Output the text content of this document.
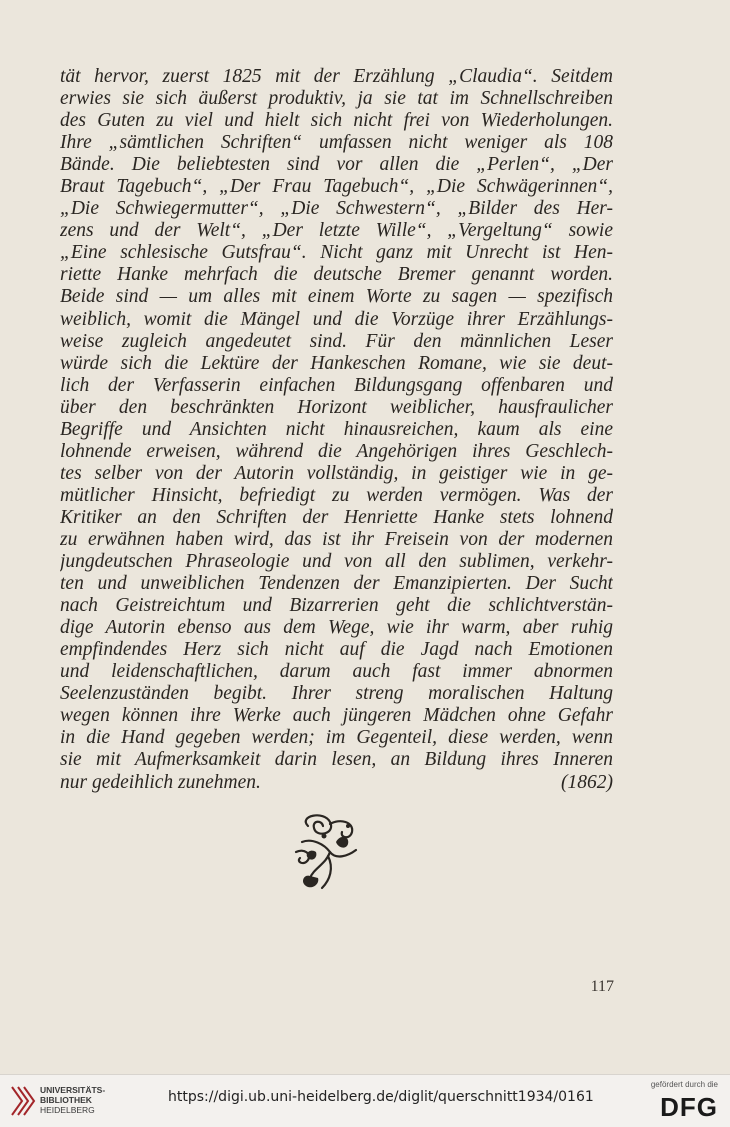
tät hervor, zuerst 1825 mit der Erzählung „Claudia“. Seitdem
erwies sie sich äußerst produktiv, ja sie tat im Schnellschreiben
des Guten zu viel und hielt sich nicht frei von Wiederholungen.
Ihre „sämtlichen Schriften“ umfassen nicht weniger als 108
Bände. Die beliebtesten sind vor allen die „Perlen“, „Der
Braut Tagebuch“, „Der Frau Tagebuch“, „Die Schwägerinnen“,
„Die Schwiegermutter“, „Die Schwestern“, „Bilder des Her-
zens und der Welt“, „Der letzte Wille“, „Vergeltung“ sowie
„Eine schlesische Gutsfrau“. Nicht ganz mit Unrecht ist Hen-
riette Hanke mehrfach die deutsche Bremer genannt worden.
Beide sind — um alles mit einem Worte zu sagen — spezifisch
weiblich, womit die Mängel und die Vorzüge ihrer Erzählungs-
weise zugleich angedeutet sind. Für den männlichen Leser
würde sich die Lektüre der Hankeschen Romane, wie sie deut-
lich der Verfasserin einfachen Bildungsgang offenbaren und
über den beschränkten Horizont weiblicher, hausfraulicher
Begriffe und Ansichten nicht hinausreichen, kaum als eine
lohnende erweisen, während die Angehörigen ihres Geschlech-
tes selber von der Autorin vollständig, in geistiger wie in ge-
mütlicher Hinsicht, befriedigt zu werden vermögen. Was der
Kritiker an den Schriften der Henriette Hanke stets lohnend
zu erwähnen haben wird, das ist ihr Freisein von der modernen
jungdeutschen Phraseologie und von all den sublimen, verkehr-
ten und unweiblichen Tendenzen der Emanzipierten. Der Sucht
nach Geistreichtum und Bizarrerien geht die schlichtverstän-
dige Autorin ebenso aus dem Wege, wie ihr warm, aber ruhig
empfindendes Herz sich nicht auf die Jagd nach Emotionen
und leidenschaftlichen, darum auch fast immer abnormen
Seelenzuständen begibt. Ihrer streng moralischen Haltung
wegen können ihre Werke auch jüngeren Mädchen ohne Gefahr
in die Hand gegeben werden; im Gegenteil, diese werden, wenn
sie mit Aufmerksamkeit darin lesen, an Bildung ihres Inneren
nur gedeihlich zunehmen.	(1862)
117
UNIVERSITÄTS-
BIBLIOTHEK
HEIDELBERG
https://digi.ub.uni-heidelberg.de/diglit/querschnitt1934/0161
gefördert durch die
DFG
